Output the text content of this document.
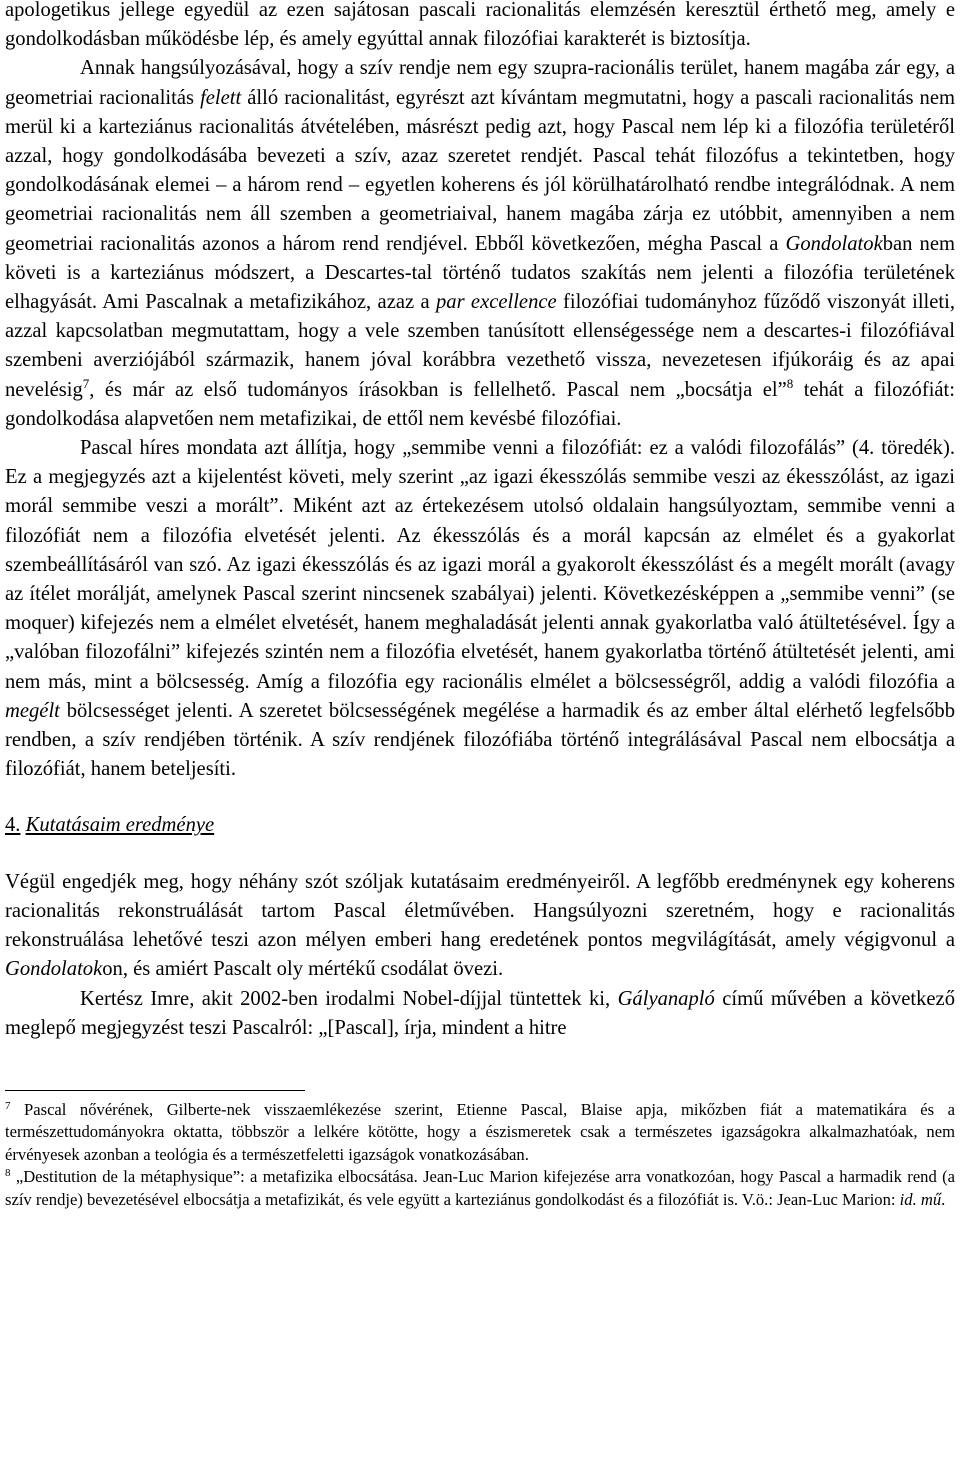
apologetikus jellege egyedül az ezen sajátosan pascali racionalitás elemzésén keresztül érthető meg, amely e gondolkodásban működésbe lép, és amely egyúttal annak filozófiai karakterét is biztosítja.

Annak hangsúlyozásával, hogy a szív rendje nem egy szupra-racionális terület, hanem magába zár egy, a geometriai racionalitás felett álló racionalitást, egyrészt azt kívántam megmutatni, hogy a pascali racionalitás nem merül ki a karteziánus racionalitás átvételében, másrészt pedig azt, hogy Pascal nem lép ki a filozófia területéről azzal, hogy gondolkodásába bevezeti a szív, azaz szeretet rendjét. Pascal tehát filozófus a tekintetben, hogy gondolkodásának elemei – a három rend – egyetlen koherens és jól körülhatárolható rendbe integrálódnak. A nem geometriai racionalitás nem áll szemben a geometriaival, hanem magába zárja ez utóbbit, amennyiben a nem geometriai racionalitás azonos a három rend rendjével. Ebből következően, mégha Pascal a Gondolatokban nem követi is a karteziánus módszert, a Descartes-tal történő tudatos szakítás nem jelenti a filozófia területének elhagyását. Ami Pascalnak a metafizikához, azaz a par excellence filozófiai tudományhoz fűződő viszonyát illeti, azzal kapcsolatban megmutattam, hogy a vele szemben tanúsított ellenségessége nem a descartes-i filozófiával szembeni averziójából származik, hanem jóval korábbra vezethető vissza, nevezetesen ifjúkoráig és az apai nevelésig$^7$, és már az első tudományos írásokban is fellelhető. Pascal nem „bocsátja el”$^8$ tehát a filozófiát: gondolkodása alapvetően nem metafizikai, de ettől nem kevésbé filozófiai.

Pascal híres mondata azt állítja, hogy „semmibe venni a filozófiát: ez a valódi filozofálás” (4. töredék). Ez a megjegyzés azt a kijelentést követi, mely szerint „az igazi ékesszólás semmibe veszi az ékesszólást, az igazi morál semmibe veszi a morált”. Miként azt az értekezésem utolsó oldalain hangsúlyoztam, semmibe venni a filozófiát nem a filozófia elvetését jelenti. Az ékesszólás és a morál kapcsán az elmélet és a gyakorlat szembeállításáról van szó. Az igazi ékesszólás és az igazi morál a gyakorolt ékesszólást és a megélt morált (avagy az ítélet morálját, amelynek Pascal szerint nincsenek szabályai) jelenti. Következésképpen a „semmibe venni” (se moquer) kifejezés nem a elmélet elvetését, hanem meghaladását jelenti annak gyakorlatba való átültetésével. Így a „valóban filozofálni” kifejezés szintén nem a filozófia elvetését, hanem gyakorlatba történő átültetését jelenti, ami nem más, mint a bölcsesség. Amíg a filozófia egy racionális elmélet a bölcsességről, addig a valódi filozófia a megélt bölcsességet jelenti. A szeretet bölcsességének megélése a harmadik és az ember által elérhető legfelsőbb rendben, a szív rendjében történik. A szív rendjének filozófiába történő integrálásával Pascal nem elbocsátja a filozófiát, hanem beteljesíti.

4. Kutatásaim eredménye

Végül engedjék meg, hogy néhány szót szóljak kutatásaim eredményeiről. A legfőbb eredménynek egy koherens racionalitás rekonstruálását tartom Pascal életművében. Hangsúlyozni szeretném, hogy e racionalitás rekonstruálása lehetővé teszi azon mélyen emberi hang eredetének pontos megvilágítását, amely végigvonul a Gondolatokon, és amiért Pascalt oly mértékű csodálat övezi.

Kertész Imre, akit 2002-ben irodalmi Nobel-díjjal tüntettek ki, Gályanapló című művében a következő meglepő megjegyzést teszi Pascalról: „[Pascal], írja, mindent a hitre

$^7$ Pascal nővérének, Gilberte-nek visszaemlékezése szerint, Etienne Pascal, Blaise apja, mikőzben fiát a matematikára és a természettudományokra oktatta, többször a lelkére kötötte, hogy a észismeretek csak a természetes igazságokra alkalmazhatóak, nem érvényesek azonban a teológia és a természetfeletti igazságok vonatkozásában.

$^8$ „Destitution de la métaphysique”: a metafizika elbocsátása. Jean-Luc Marion kifejezése arra vonatkozóan, hogy Pascal a harmadik rend (a szív rendje) bevezetésével elbocsátja a metafizikát, és vele együtt a karteziánus gondolkodást és a filozófiát is. V.ö.: Jean-Luc Marion: id. mű.
